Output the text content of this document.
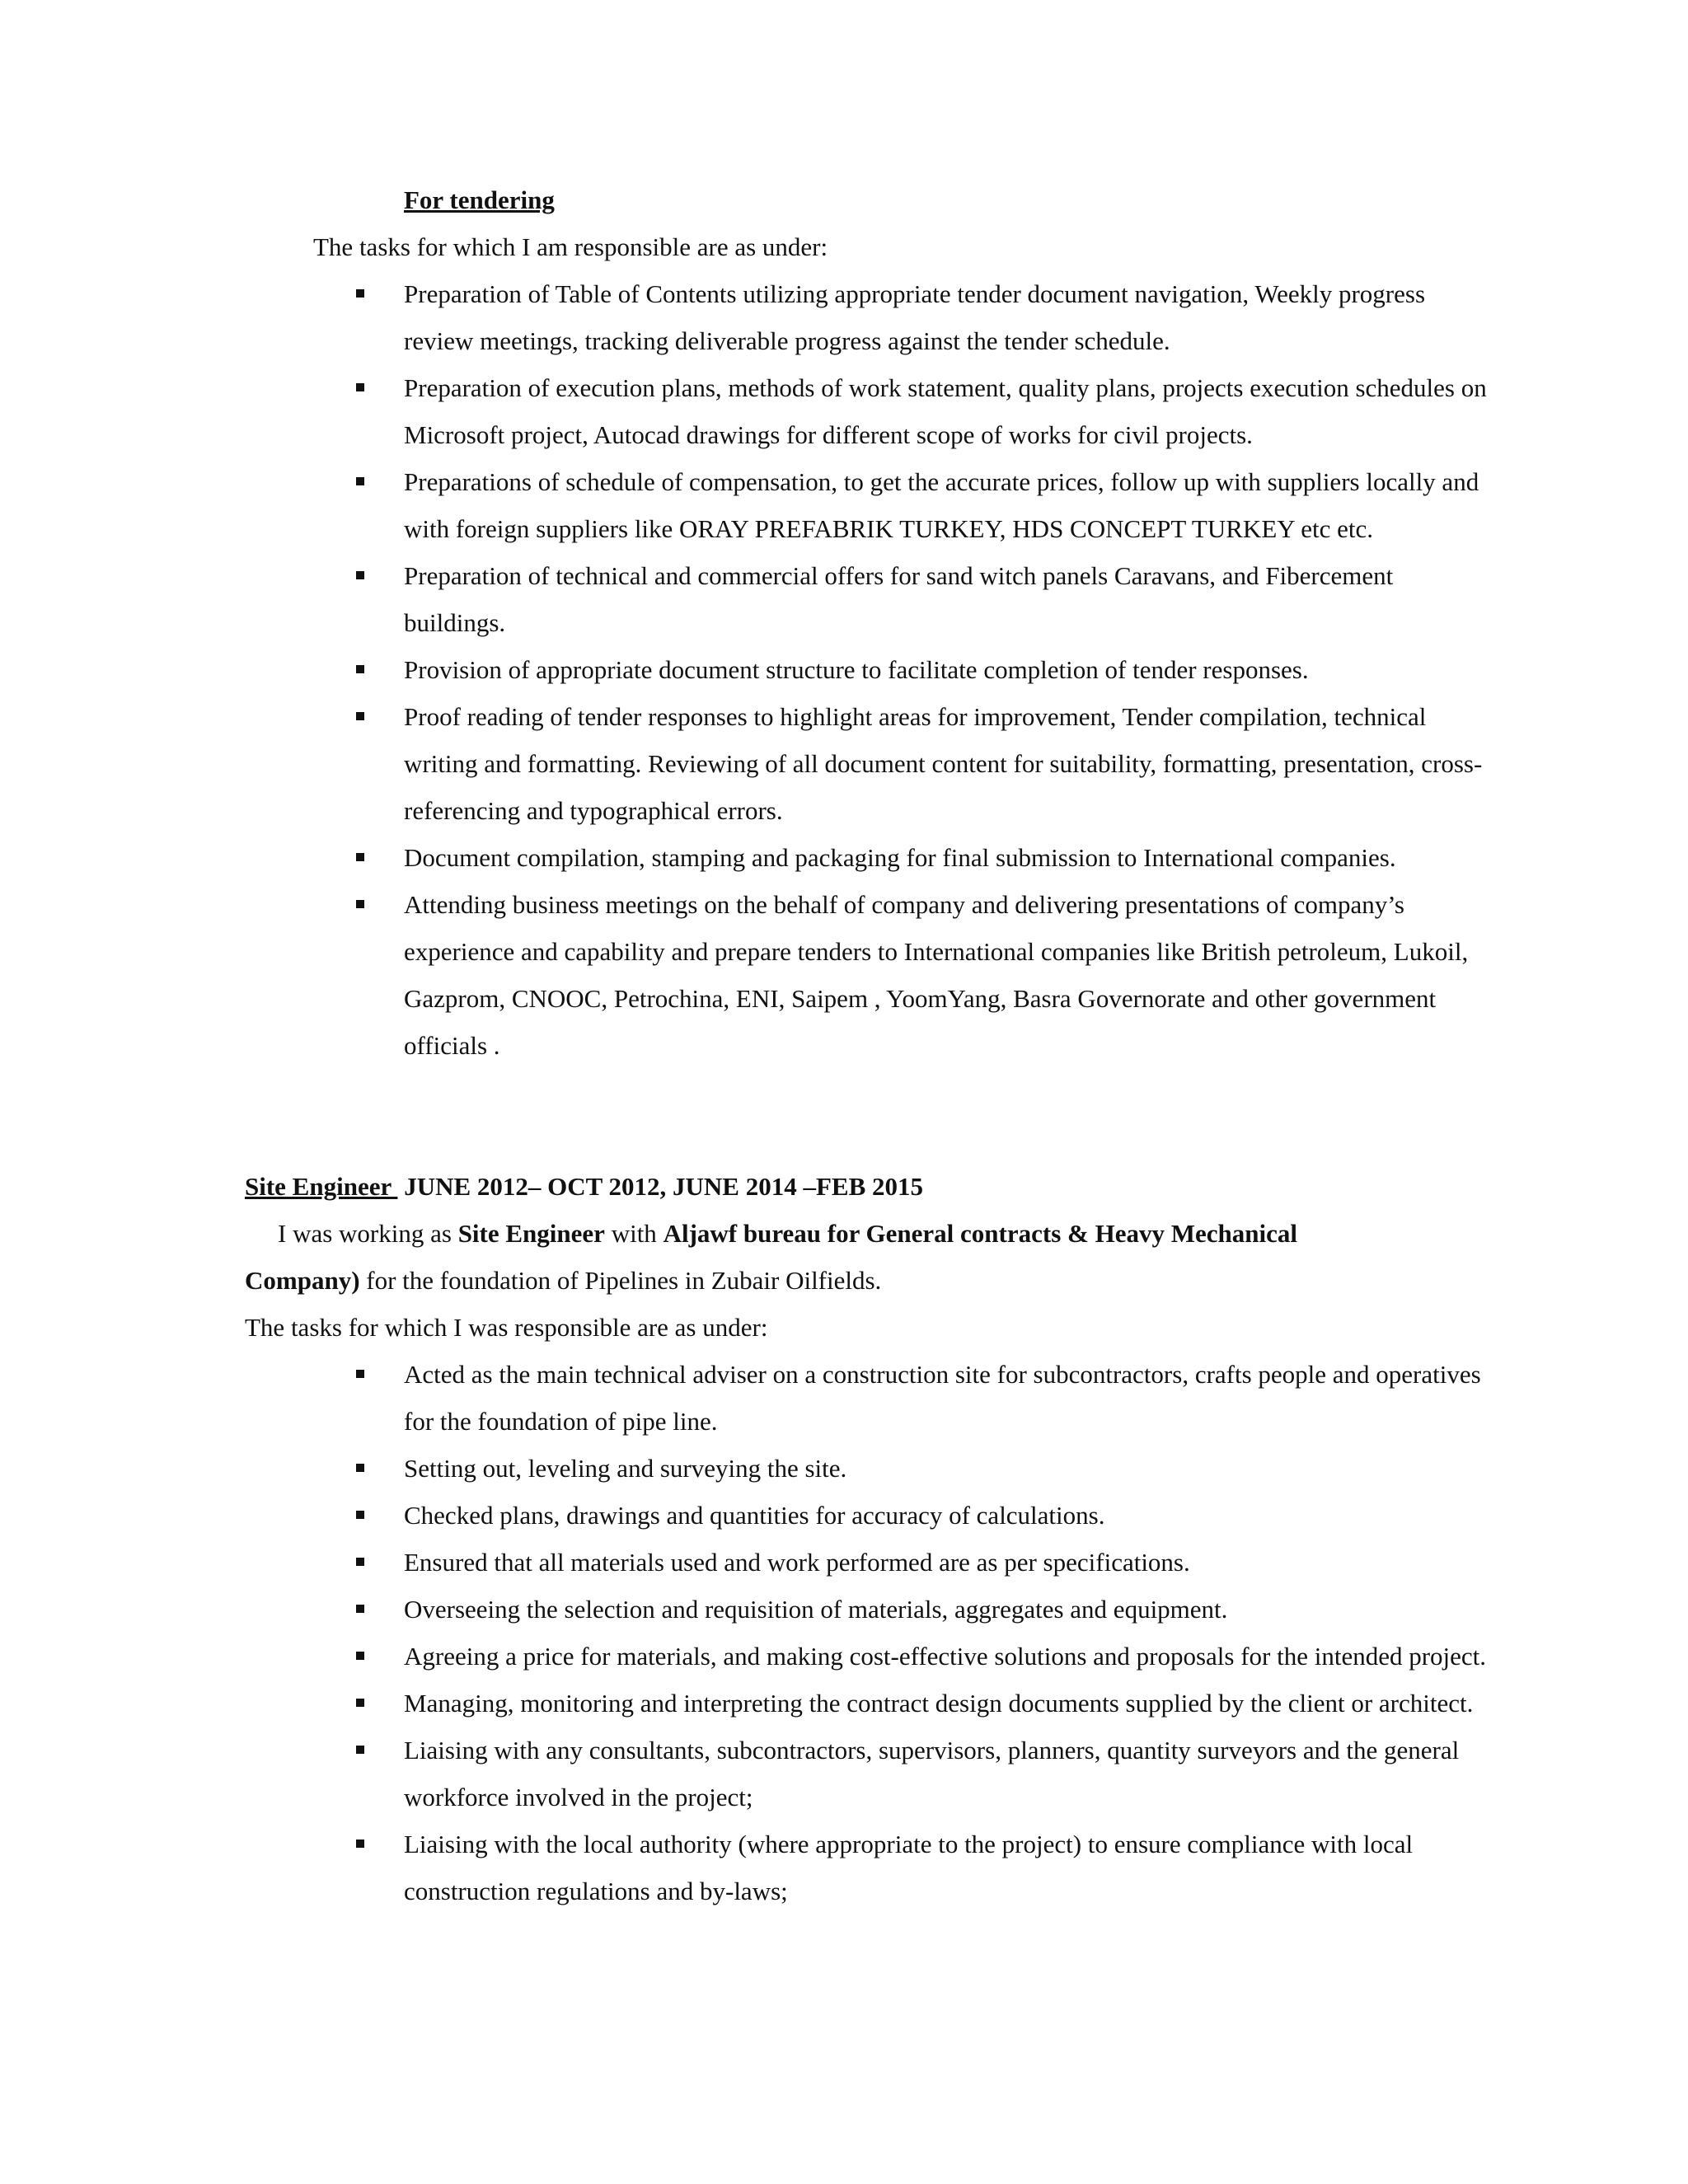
For tendering
The tasks for which I am responsible are as under:
Preparation of Table of Contents utilizing appropriate tender document navigation, Weekly progress review meetings, tracking deliverable progress against the tender schedule.
Preparation of execution plans, methods of work statement, quality plans, projects execution schedules on Microsoft project, Autocad drawings for different scope of works for civil projects.
Preparations of schedule of compensation, to get the accurate prices, follow up with suppliers locally and with foreign suppliers like ORAY PREFABRIK TURKEY, HDS CONCEPT TURKEY etc etc.
Preparation of technical and commercial offers for sand witch panels Caravans, and Fibercement buildings.
Provision of appropriate document structure to facilitate completion of tender responses.
Proof reading of tender responses to highlight areas for improvement, Tender compilation, technical writing and formatting. Reviewing of all document content for suitability, formatting, presentation, cross-referencing and typographical errors.
Document compilation, stamping and packaging for final submission to International companies.
Attending business meetings on the behalf of company and delivering presentations of company’s experience and capability and prepare tenders to International companies like British petroleum, Lukoil, Gazprom, CNOOC, Petrochina, ENI, Saipem , YoomYang, Basra Governorate and other government officials .
Site Engineer  JUNE 2012– OCT 2012, JUNE 2014 –FEB 2015
I was working as Site Engineer with Aljawf bureau for General contracts & Heavy Mechanical Company) for the foundation of Pipelines in Zubair Oilfields.
The tasks for which I was responsible are as under:
Acted as the main technical adviser on a construction site for subcontractors, crafts people and operatives for the foundation of pipe line.
Setting out, leveling and surveying the site.
Checked plans, drawings and quantities for accuracy of calculations.
Ensured that all materials used and work performed are as per specifications.
Overseeing the selection and requisition of materials, aggregates and equipment.
Agreeing a price for materials, and making cost-effective solutions and proposals for the intended project.
Managing, monitoring and interpreting the contract design documents supplied by the client or architect.
Liaising with any consultants, subcontractors, supervisors, planners, quantity surveyors and the general workforce involved in the project;
Liaising with the local authority (where appropriate to the project) to ensure compliance with local construction regulations and by-laws;
